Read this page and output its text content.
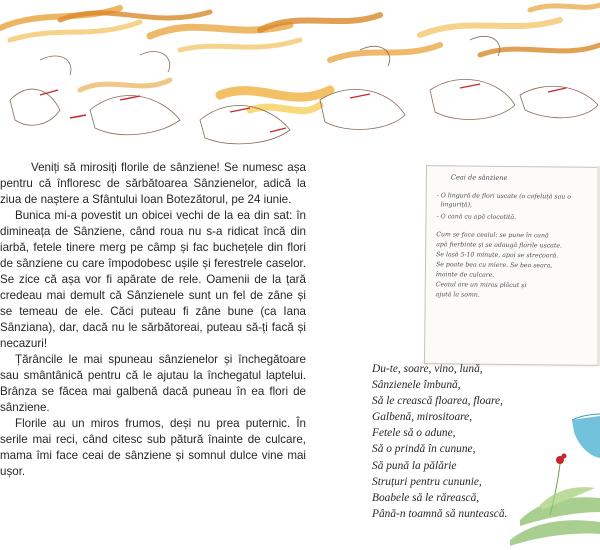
Veniți să mirosiți florile de sânziene! Se numesc așa pentru că înfloresc de sărbătoarea Sânzienelor, adică la ziua de naștere a Sfântului Ioan Botezătorul, pe 24 iunie.

Bunica mi-a povestit un obicei vechi de la ea din sat: în dimineața de Sânziene, când roua nu s-a ridicat încă din iarbă, fetele tinere merg pe câmp și fac buchețele din flori de sânziene cu care împodobesc ușile și ferestrele caselor. Se zice că așa vor fi apărate de rele. Oamenii de la țară credeau mai demult că Sânzienele sunt un fel de zâne și se temeau de ele. Căci puteau fi zâne bune (ca Iana Sânziana), dar, dacă nu le sărbătoreai, puteau să-ți facă și necazuri!

Țărâncile le mai spuneau sânzienelor și închegătoare sau smântânică pentru că le ajutau la închegatul laptelui. Brânza se făcea mai galbenă dacă puneau în ea flori de sânziene.

Florile au un miros frumos, deși nu prea puternic. În serile mai reci, când citesc sub pătură înainte de culcare, mama îmi face ceai de sânziene și somnul dulce vine mai ușor.

Ceai de sânziene
- O lingură de flori uscate (o cafeluță sau o
linguriță),
- O cană cu apă clocotită.
Cum se face ceaiul: se pune în cană
apă fierbinte și se adaugă florile uscate.
Se lasă 5-10 minute, apoi se strecoară.
Se poate bea cu miere. Se bea seara,
înainte de culcare.
Ceaiul are un miros plăcut și
ajută la somn.
Du-te, soare, vino, lună,
Sânzienele îmbună,
Să le crească floarea, floare,
Galbenă, mirositoare,
Fetele să o adune,
Să o prindă în cunune,
Să pună la pălărie
Struțuri pentru cununie,
Boabele să le rărească,
Până-n toamnă să nuntească.
